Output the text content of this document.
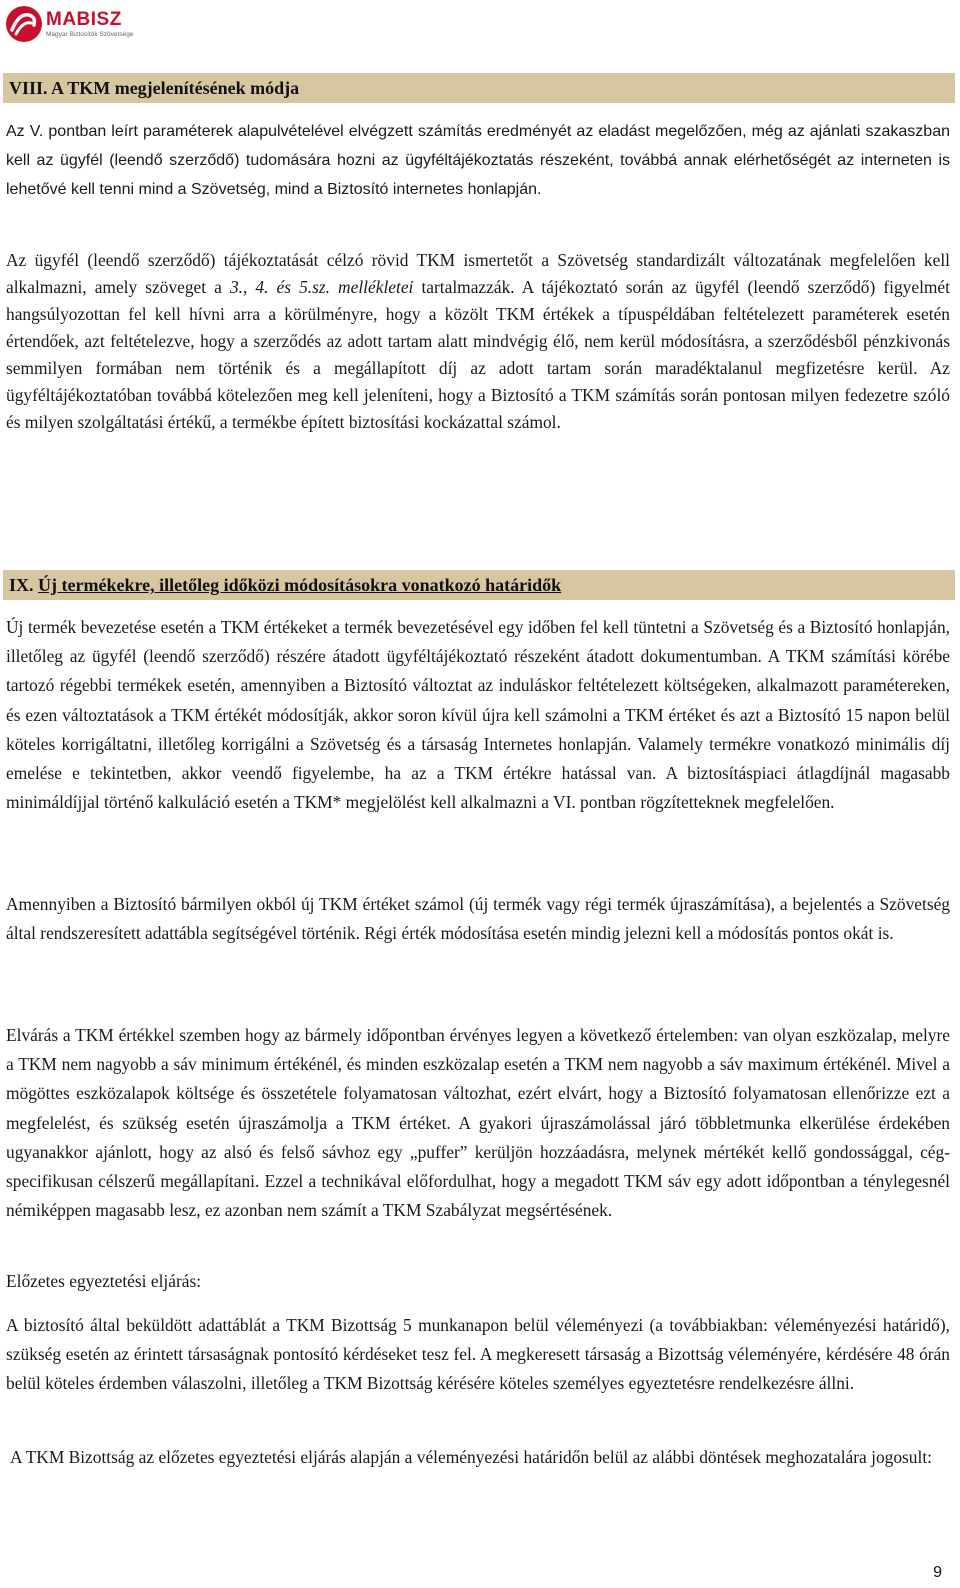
MABISZ
Magyar Biztosítók Szövetsége
VIII. A TKM megjelenítésének módja

Az V. pontban leírt paraméterek alapulvételével elvégzett számítás eredményét az eladást megelőzően, még az ajánlati szakaszban kell az ügyfél (leendő szerződő) tudomására hozni az ügyféltájékoztatás részeként, továbbá annak elérhetőségét az interneten is lehetővé kell tenni mind a Szövetség, mind a Biztosító internetes honlapján.

Az ügyfél (leendő szerződő) tájékoztatását célzó rövid TKM ismertetőt a Szövetség standardizált változatának megfelelően kell alkalmazni, amely szöveget a 3., 4. és 5.sz. mellékletei tartalmazzák. A tájékoztató során az ügyfél (leendő szerződő) figyelmét hangsúlyozottan fel kell hívni arra a körülményre, hogy a közölt TKM értékek a típuspéldában feltételezett paraméterek esetén értendőek, azt feltételezve, hogy a szerződés az adott tartam alatt mindvégig élő, nem kerül módosításra, a szerződésből pénzkivonás semmilyen formában nem történik és a megállapított díj az adott tartam során maradéktalanul megfizetésre kerül. Az ügyféltájékoztatóban továbbá kötelezően meg kell jeleníteni, hogy a Biztosító a TKM számítás során pontosan milyen fedezetre szóló és milyen szolgáltatási értékű, a termékbe épített biztosítási kockázattal számol.

IX. Új termékekre, illetőleg időközi módosításokra vonatkozó határidők

Új termék bevezetése esetén a TKM értékeket a termék bevezetésével egy időben fel kell tüntetni a Szövetség és a Biztosító honlapján, illetőleg az ügyfél (leendő szerződő) részére átadott ügyféltájékoztató részeként átadott dokumentumban. A TKM számítási körébe tartozó régebbi termékek esetén, amennyiben a Biztosító változtat az induláskor feltételezett költségeken, alkalmazott paramétereken, és ezen változtatások a TKM értékét módosítják, akkor soron kívül újra kell számolni a TKM értéket és azt a Biztosító 15 napon belül köteles korrigáltatni, illetőleg korrigálni a Szövetség és a társaság Internetes honlapján. Valamely termékre vonatkozó minimális díj emelése e tekintetben, akkor veendő figyelembe, ha az a TKM értékre hatással van. A biztosításpiaci átlagdíjnál magasabb minimáldíjjal történő kalkuláció esetén a TKM* megjelölést kell alkalmazni a VI. pontban rögzítetteknek megfelelően.

Amennyiben a Biztosító bármilyen okból új TKM értéket számol (új termék vagy régi termék újraszámítása), a bejelentés a Szövetség által rendszeresített adattábla segítségével történik. Régi érték módosítása esetén mindig jelezni kell a módosítás pontos okát is.

Elvárás a TKM értékkel szemben hogy az bármely időpontban érvényes legyen a következő értelemben: van olyan eszközalap, melyre a TKM nem nagyobb a sáv minimum értékénél, és minden eszközalap esetén a TKM nem nagyobb a sáv maximum értékénél. Mivel a mögöttes eszközalapok költsége és összetétele folyamatosan változhat, ezért elvárt, hogy a Biztosító folyamatosan ellenőrizze ezt a megfelelést, és szükség esetén újraszámolja a TKM értéket. A gyakori újraszámolással járó többletmunka elkerülése érdekében ugyanakkor ajánlott, hogy az alsó és felső sávhoz egy „puffer” kerüljön hozzáadásra, melynek mértékét kellő gondossággal, cég-specifikusan célszerű megállapítani. Ezzel a technikával előfordulhat, hogy a megadott TKM sáv egy adott időpontban a ténylegesnél némiképpen magasabb lesz, ez azonban nem számít a TKM Szabályzat megsértésének.

Előzetes egyeztetési eljárás:

A biztosító által beküldött adattáblát a TKM Bizottság 5 munkanapon belül véleményezi (a továbbiakban: véleményezési határidő), szükség esetén az érintett társaságnak pontosító kérdéseket tesz fel. A megkeresett társaság a Bizottság véleményére, kérdésére 48 órán belül köteles érdemben válaszolni, illetőleg a TKM Bizottság kérésére köteles személyes egyeztetésre rendelkezésre állni.

A TKM Bizottság az előzetes egyeztetési eljárás alapján a véleményezési határidőn belül az alábbi döntések meghozatalára jogosult:

9
